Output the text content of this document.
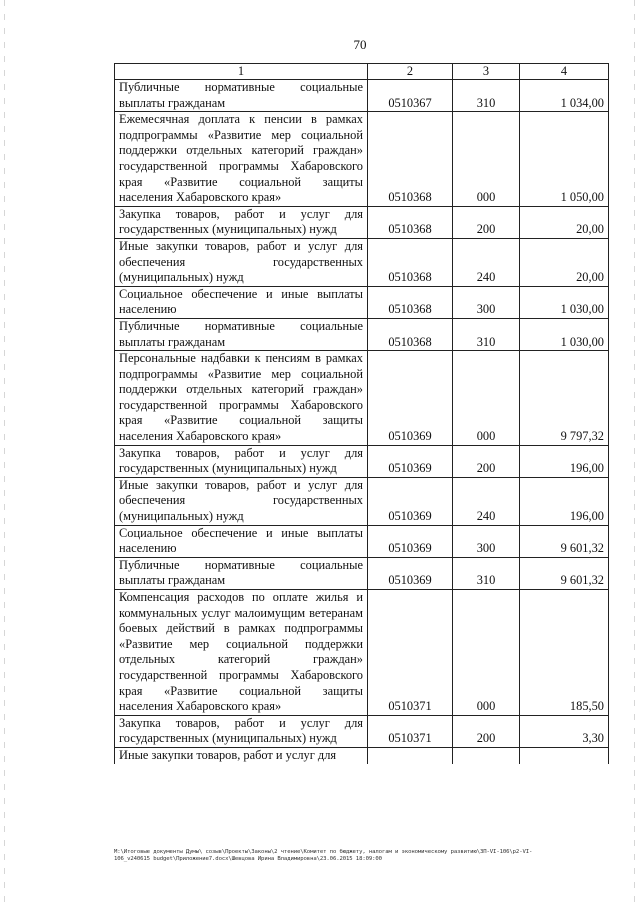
70
1	2	3	4
Публичные нормативные социальные выплаты гражданам	0510367	310	1 034,00
Ежемесячная доплата к пенсии в рамках подпрограммы «Развитие мер социальной поддержки отдельных категорий граждан» государственной программы Хабаровского края «Развитие социальной защиты населения Хабаровского края»	0510368	000	1 050,00
Закупка товаров, работ и услуг для государственных (муниципальных) нужд	0510368	200	20,00
Иные закупки товаров, работ и услуг для обеспечения государственных (муниципальных) нужд	0510368	240	20,00
Социальное обеспечение и иные выплаты населению	0510368	300	1 030,00
Публичные нормативные социальные выплаты гражданам	0510368	310	1 030,00
Персональные надбавки к пенсиям в рамках подпрограммы «Развитие мер социальной поддержки отдельных категорий граждан» государственной программы Хабаровского края «Развитие социальной защиты населения Хабаровского края»	0510369	000	9 797,32
Закупка товаров, работ и услуг для государственных (муниципальных) нужд	0510369	200	196,00
Иные закупки товаров, работ и услуг для обеспечения государственных (муниципальных) нужд	0510369	240	196,00
Социальное обеспечение и иные выплаты населению	0510369	300	9 601,32
Публичные нормативные социальные выплаты гражданам	0510369	310	9 601,32
Компенсация расходов по оплате жилья и коммунальных услуг малоимущим ветеранам боевых действий в рамках подпрограммы «Развитие мер социальной поддержки отдельных категорий граждан» государственной программы Хабаровского края «Развитие социальной защиты населения Хабаровского края»	0510371	000	185,50
Закупка товаров, работ и услуг для государственных (муниципальных) нужд	0510371	200	3,30
Иные закупки товаров, работ и услуг для			
M:\Итоговые документы Думы\ созыв\Проекты\Законы\2 чтение\Комитет по бюджету, налогам и экономическому развитию\ЗП-VI-106\р2-VI-
106_v240615 budget\Приложение7.docx\Шевцова Ирина Владимировна\23.06.2015 18:09:00
